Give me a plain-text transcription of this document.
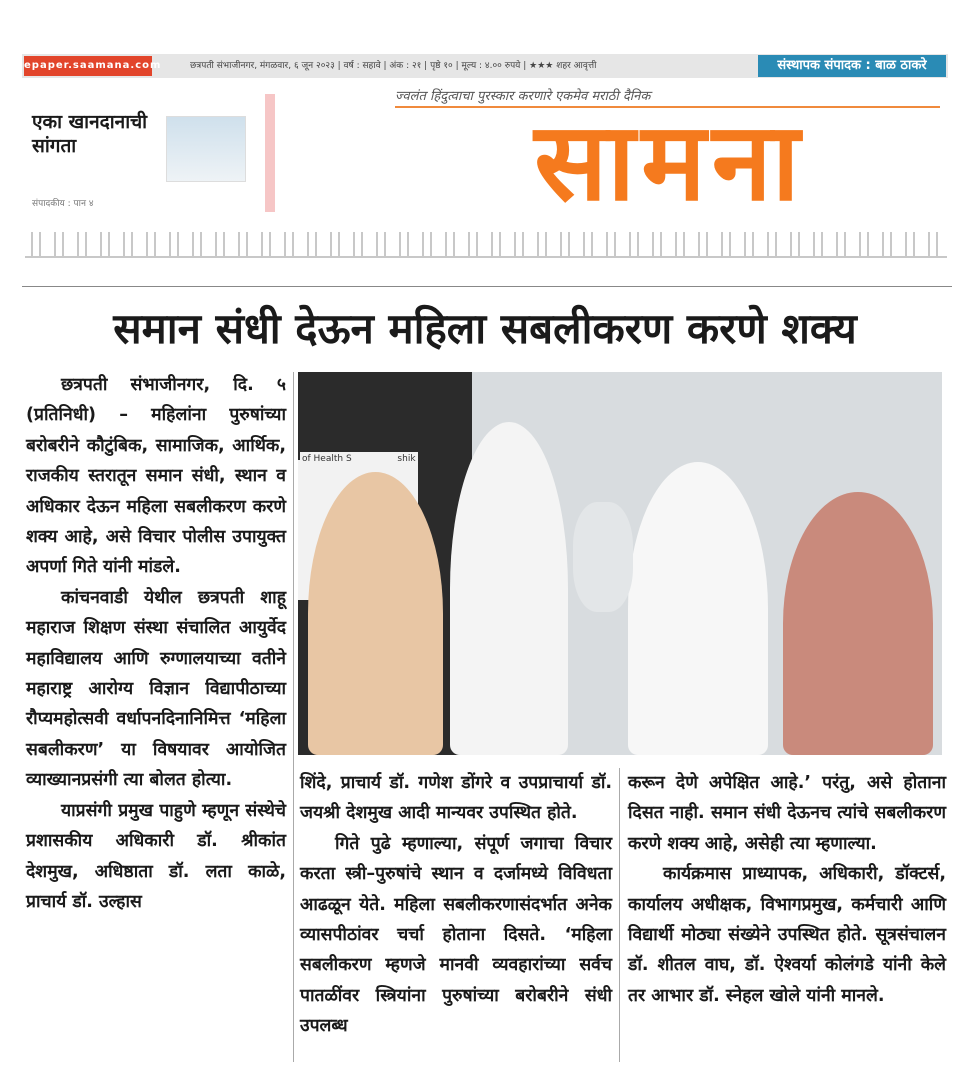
epaper.saamana.com	छत्रपती संभाजीनगर, मंगळवार, ६ जून २०२३ | वर्ष : सहावे | अंक : २१ | पृष्ठे १० | मूल्य : ४.०० रुपये | ★★★ शहर आवृत्ती	संस्थापक संपादक : बाळ ठाकरे
ज्वलंत हिंदुत्वाचा पुरस्कार करणारे एकमेव मराठी दैनिक
सामना
एका खानदानाची सांगता
संपादकीय : पान ४
समान संधी देऊन महिला सबलीकरण करणे शक्य

छत्रपती संभाजीनगर, दि. ५ (प्रतिनिधी) – महिलांना पुरुषांच्या बरोबरीने कौटुंबिक, सामाजिक, आर्थिक, राजकीय स्तरातून समान संधी, स्थान व अधिकार देऊन महिला सबलीकरण करणे शक्य आहे, असे विचार पोलीस उपायुक्त अपर्णा गिते यांनी मांडले.

कांचनवाडी येथील छत्रपती शाहू महाराज शिक्षण संस्था संचालित आयुर्वेद महाविद्यालय आणि रुग्णालयाच्या वतीने महाराष्ट्र आरोग्य विज्ञान विद्यापीठाच्या रौप्यमहोत्सवी वर्धापनदिनानिमित्त ‘महिला सबलीकरण’ या विषयावर आयोजित व्याख्यानप्रसंगी त्या बोलत होत्या.

याप्रसंगी प्रमुख पाहुणे म्हणून संस्थेचे प्रशासकीय अधिकारी डॉ. श्रीकांत देशमुख, अधिष्ठाता डॉ. लता काळे, प्राचार्य डॉ. उल्हास

of Health S                shik

शिंदे, प्राचार्य डॉ. गणेश डोंगरे व उपप्राचार्या डॉ. जयश्री देशमुख आदी मान्यवर उपस्थित होते.

गिते पुढे म्हणाल्या, संपूर्ण जगाचा विचार करता स्त्री–पुरुषांचे स्थान व दर्जामध्ये विविधता आढळून येते. महिला सबलीकरणासंदर्भात अनेक व्यासपीठांवर चर्चा होताना दिसते. ‘महिला सबलीकरण म्हणजे मानवी व्यवहारांच्या सर्वच पातळींवर स्त्रियांना पुरुषांच्या बरोबरीने संधी उपलब्ध

करून देणे अपेक्षित आहे.’ परंतु, असे होताना दिसत नाही. समान संधी देऊनच त्यांचे सबलीकरण करणे शक्य आहे, असेही त्या म्हणाल्या.

कार्यक्रमास प्राध्यापक, अधिकारी, डॉक्टर्स, कार्यालय अधीक्षक, विभागप्रमुख, कर्मचारी आणि विद्यार्थी मोठ्या संख्येने उपस्थित होते. सूत्रसंचालन डॉ. शीतल वाघ, डॉ. ऐश्वर्या कोलंगडे यांनी केले तर आभार डॉ. स्नेहल खोले यांनी मानले.
